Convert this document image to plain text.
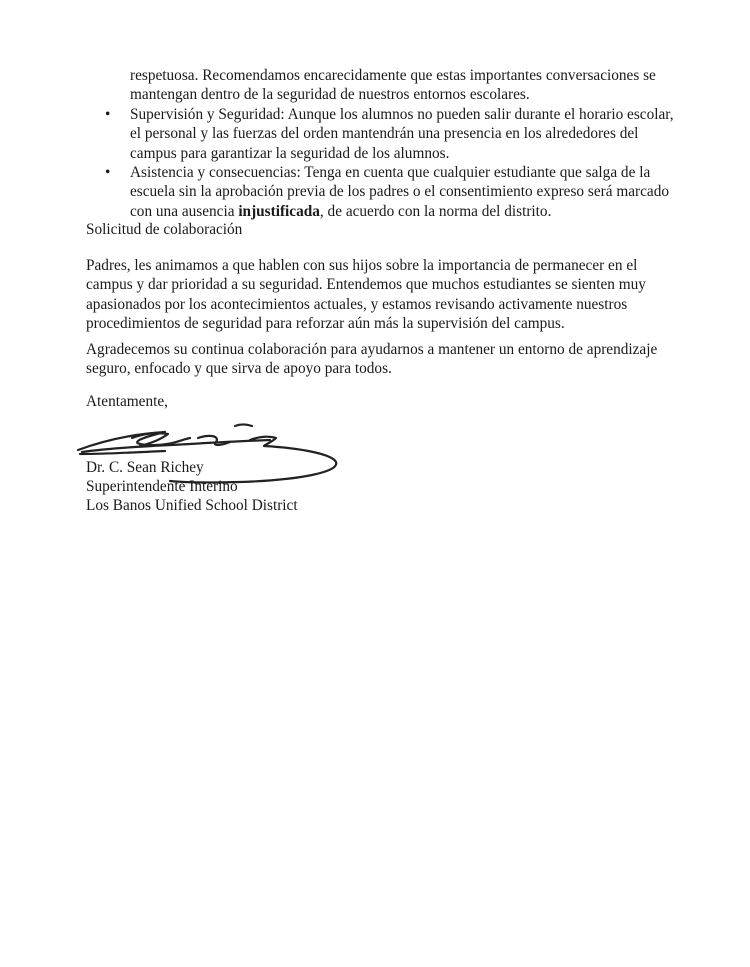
respetuosa. Recomendamos encarecidamente que estas importantes conversaciones se mantengan dentro de la seguridad de nuestros entornos escolares.
• Supervisión y Seguridad: Aunque los alumnos no pueden salir durante el horario escolar, el personal y las fuerzas del orden mantendrán una presencia en los alrededores del campus para garantizar la seguridad de los alumnos.
• Asistencia y consecuencias: Tenga en cuenta que cualquier estudiante que salga de la escuela sin la aprobación previa de los padres o el consentimiento expreso será marcado con una ausencia injustificada, de acuerdo con la norma del distrito.

Solicitud de colaboración

Padres, les animamos a que hablen con sus hijos sobre la importancia de permanecer en el campus y dar prioridad a su seguridad. Entendemos que muchos estudiantes se sienten muy apasionados por los acontecimientos actuales, y estamos revisando activamente nuestros procedimientos de seguridad para reforzar aún más la supervisión del campus.

Agradecemos su continua colaboración para ayudarnos a mantener un entorno de aprendizaje seguro, enfocado y que sirva de apoyo para todos.

Atentamente,

Dr. C. Sean Richey

Superintendente Interino

Los Banos Unified School District
